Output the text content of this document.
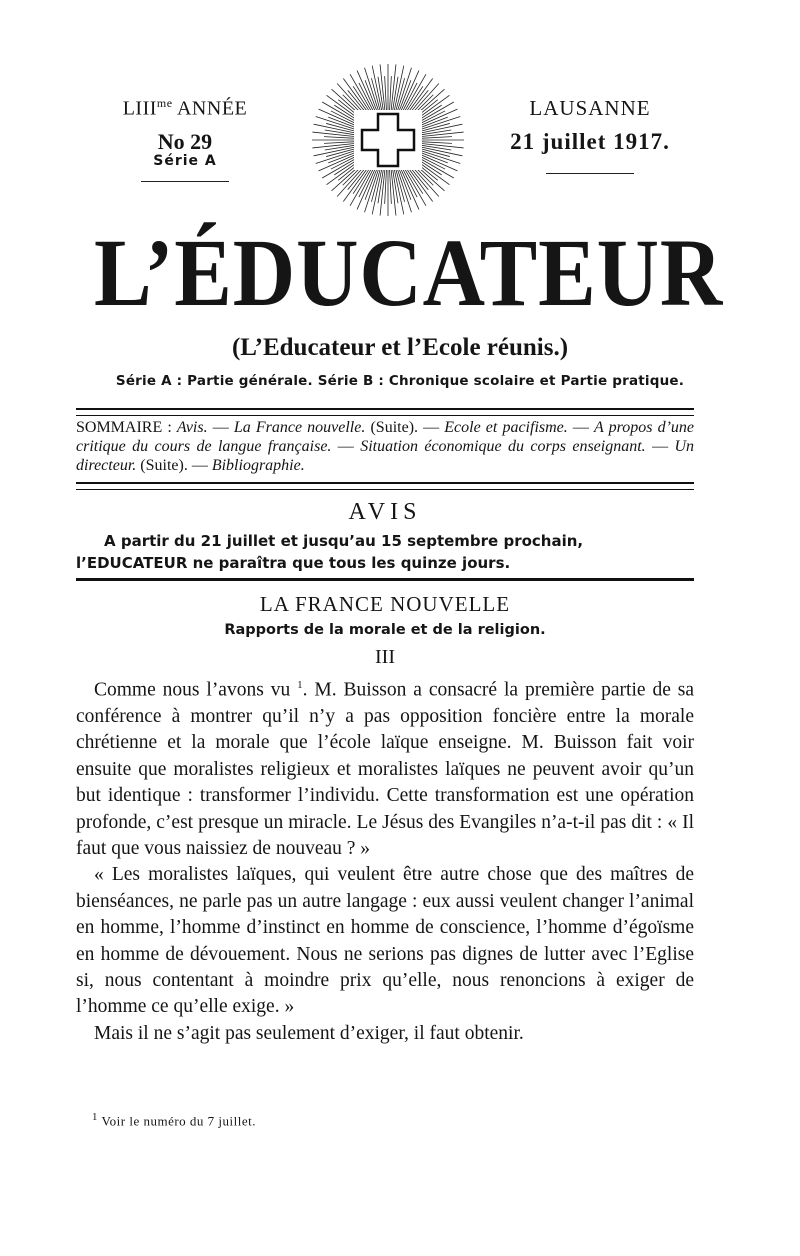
$LIII^{me}$ ANNÉE
No 29
Série A
LAUSANNE
21 juillet 1917.
L’ÉDUCATEUR
(L’Educateur et l’Ecole réunis.)
Série A : Partie générale. Série B : Chronique scolaire et Partie pratique.
SOMMAIRE : Avis. — La France nouvelle. (Suite). — Ecole et pacifisme. — A propos d’une critique du cours de langue française. — Situation économique du corps enseignant. — Un directeur. (Suite). — Bibliographie.
AVIS
A partir du 21 juillet et jusqu’au 15 septembre prochain,
l’EDUCATEUR ne paraîtra que tous les quinze jours.
LA FRANCE NOUVELLE
Rapports de la morale et de la religion.
III

Comme nous l’avons vu $^1$. M. Buisson a consacré la première partie de sa conférence à montrer qu’il n’y a pas opposition foncière entre la morale chrétienne et la morale que l’école laïque enseigne. M. Buisson fait voir ensuite que moralistes religieux et moralistes laïques ne peuvent avoir qu’un but identique : transformer l’individu. Cette transformation est une opération profonde, c’est presque un miracle. Le Jésus des Evangiles n’a-t-il pas dit : « Il faut que vous naissiez de nouveau ? »

« Les moralistes laïques, qui veulent être autre chose que des maîtres de bienséances, ne parle pas un autre langage : eux aussi veulent changer l’animal en homme, l’homme d’instinct en homme de conscience, l’homme d’égoïsme en homme de dévouement. Nous ne serions pas dignes de lutter avec l’Eglise si, nous contentant à moindre prix qu’elle, nous renoncions à exiger de l’homme ce qu’elle exige. »

Mais il ne s’agit pas seulement d’exiger, il faut obtenir.

$^1$ Voir le numéro du 7 juillet.
